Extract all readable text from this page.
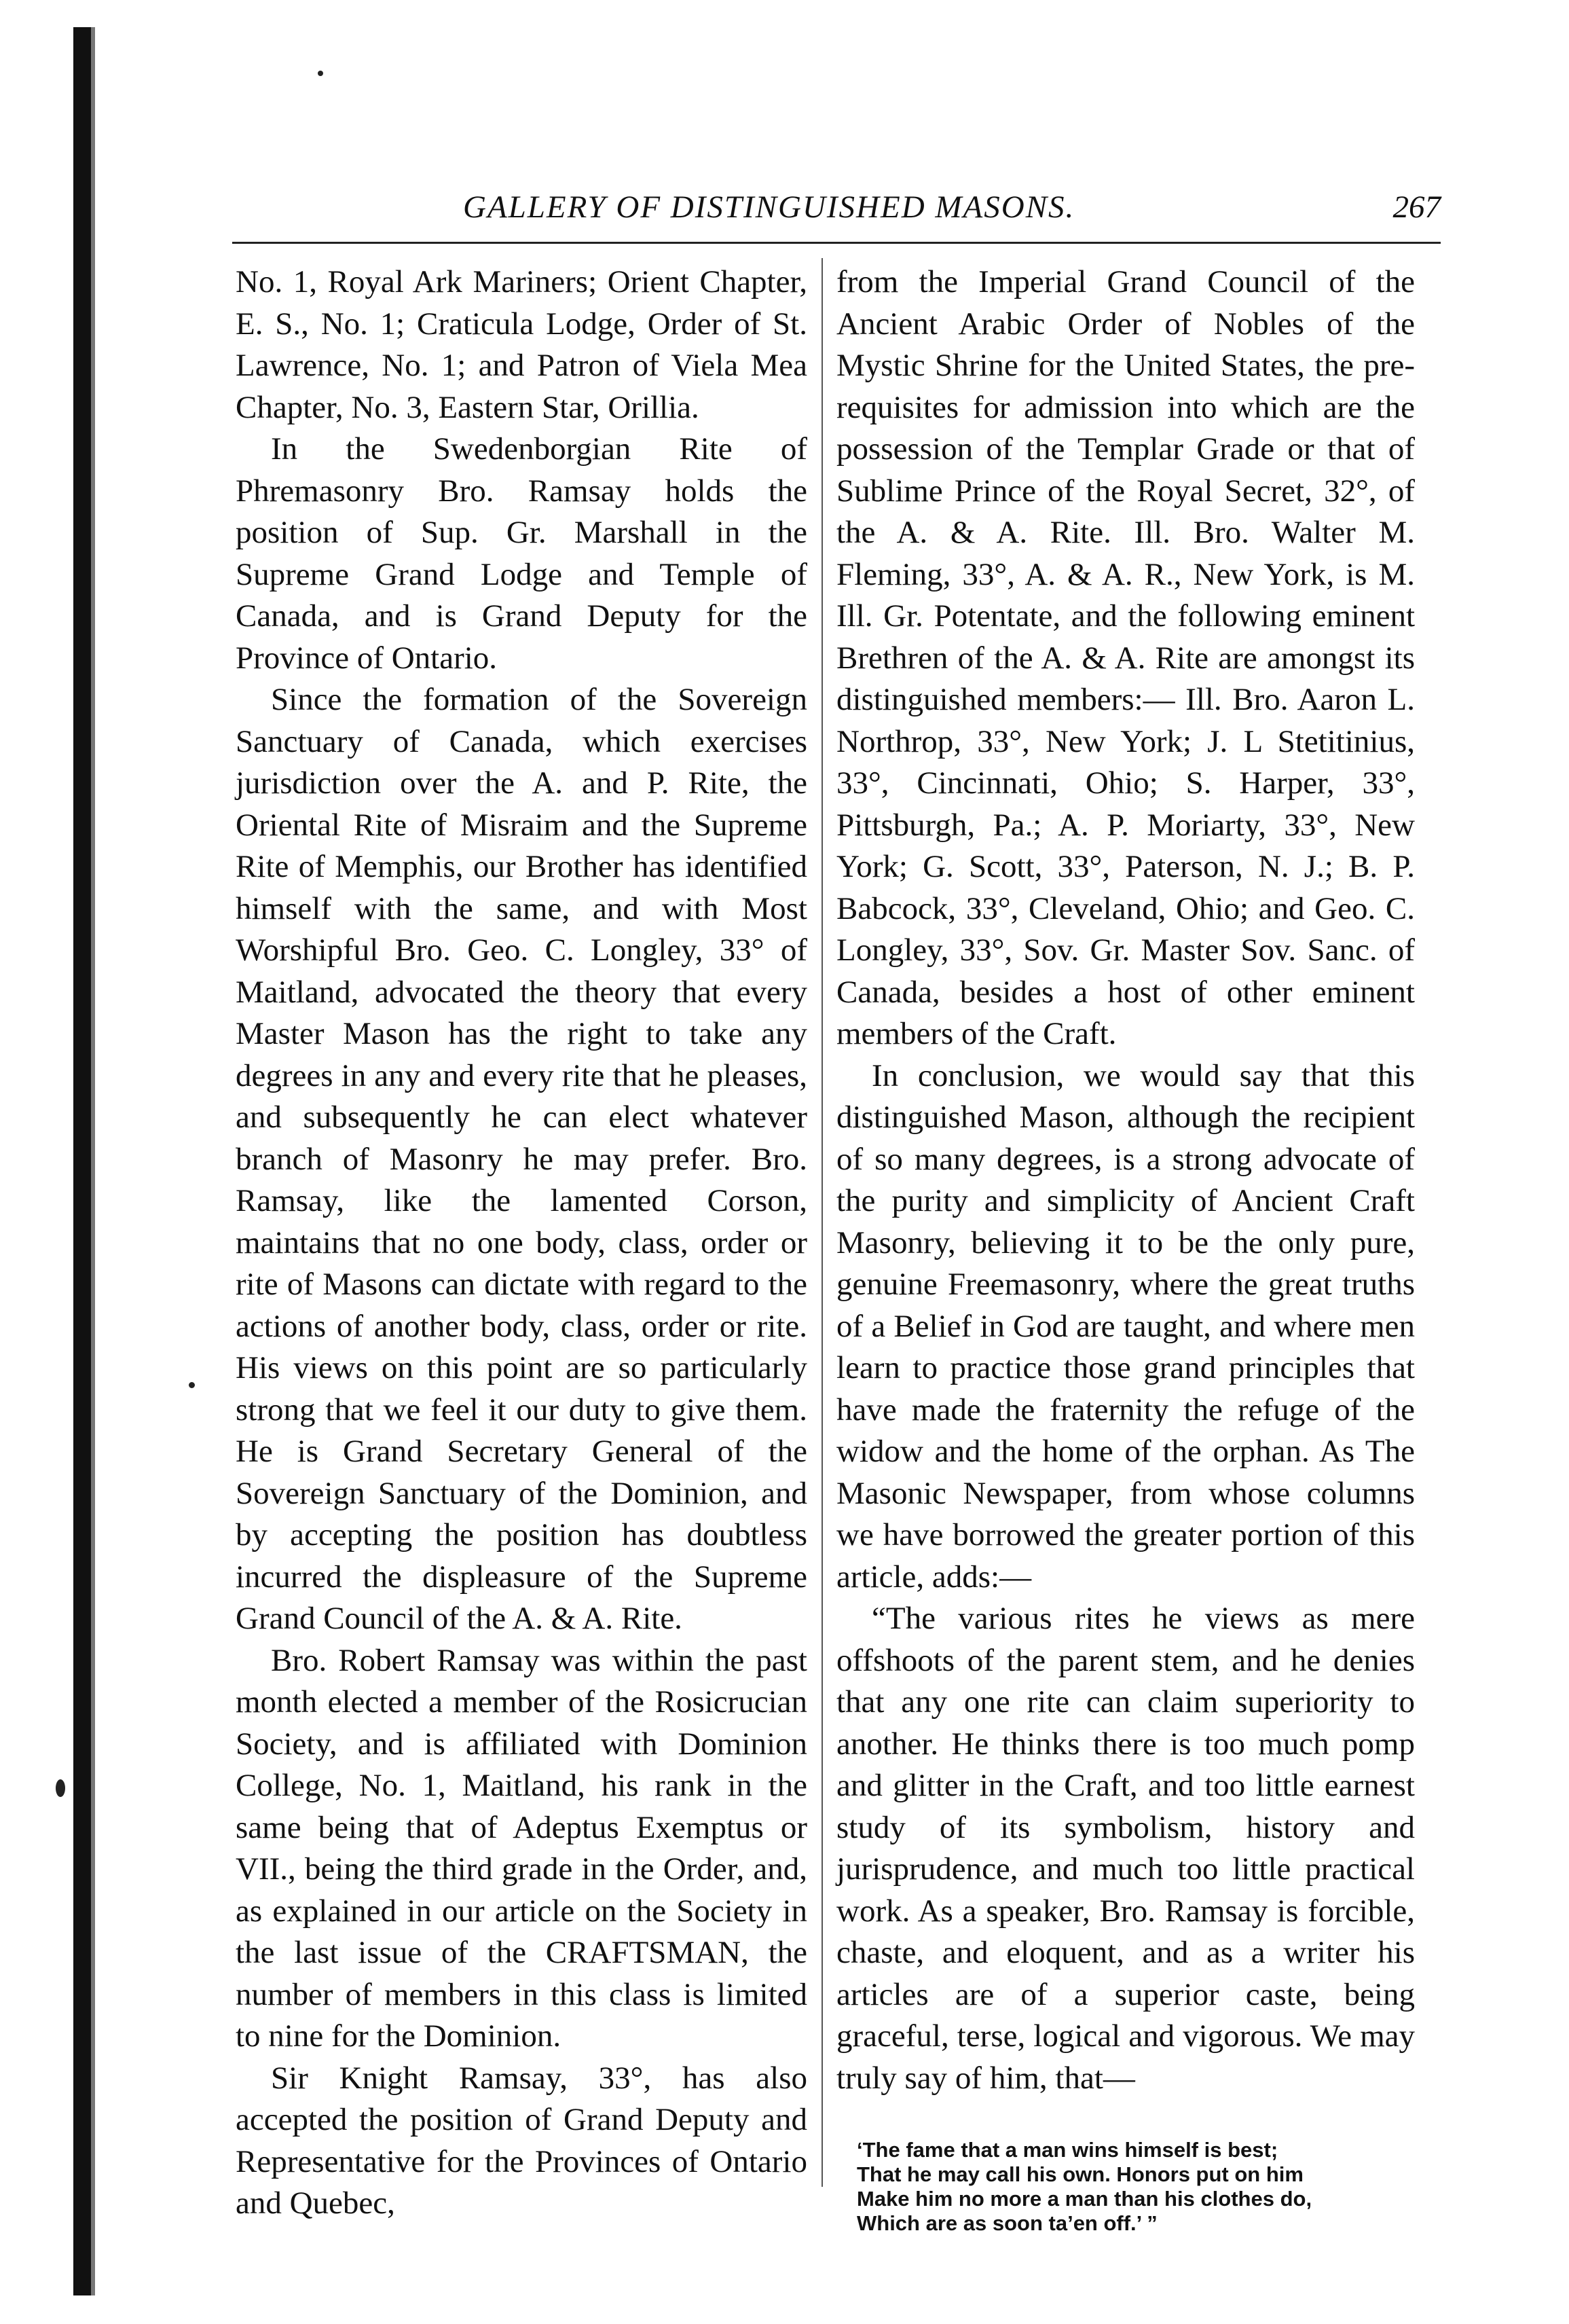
GALLERY OF DISTINGUISHED MASONS.	267

No. 1, Royal Ark Mariners; Orient Chapter, E. S., No. 1; Craticula Lodge, Order of St. Lawrence, No. 1; and Patron of Viela Mea Chapter, No. 3, Eastern Star, Orillia.

In the Swedenborgian Rite of Phremasonry Bro. Ramsay holds the position of Sup. Gr. Marshall in the Supreme Grand Lodge and Temple of Canada, and is Grand Deputy for the Province of Ontario.

Since the formation of the Sovereign Sanctuary of Canada, which exercises jurisdiction over the A. and P. Rite, the Oriental Rite of Misraim and the Supreme Rite of Memphis, our Brother has identified himself with the same, and with Most Worshipful Bro. Geo. C. Longley, 33° of Maitland, advocated the theory that every Master Mason has the right to take any degrees in any and every rite that he pleases, and subsequently he can elect whatever branch of Masonry he may prefer. Bro. Ramsay, like the lamented Corson, maintains that no one body, class, order or rite of Masons can dictate with regard to the actions of another body, class, order or rite. His views on this point are so particularly strong that we feel it our duty to give them. He is Grand Secretary General of the Sovereign Sanctuary of the Dominion, and by accepting the position has doubtless incurred the displeasure of the Supreme Grand Council of the A. & A. Rite.

Bro. Robert Ramsay was within the past month elected a member of the Rosicrucian Society, and is affiliated with Dominion College, No. 1, Maitland, his rank in the same being that of Adeptus Exemptus or VII., being the third grade in the Order, and, as explained in our article on the Society in the last issue of the CRAFTSMAN, the number of members in this class is limited to nine for the Dominion.

Sir Knight Ramsay, 33°, has also accepted the position of Grand Deputy and Representative for the Provinces of Ontario and Quebec,

from the Imperial Grand Council of the Ancient Arabic Order of Nobles of the Mystic Shrine for the United States, the pre-requisites for admission into which are the possession of the Templar Grade or that of Sublime Prince of the Royal Secret, 32°, of the A. & A. Rite. Ill. Bro. Walter M. Fleming, 33°, A. & A. R., New York, is M. Ill. Gr. Potentate, and the following eminent Brethren of the A. & A. Rite are amongst its distinguished members:— Ill. Bro. Aaron L. Northrop, 33°, New York; J. L Stetitinius, 33°, Cincinnati, Ohio; S. Harper, 33°, Pittsburgh, Pa.; A. P. Moriarty, 33°, New York; G. Scott, 33°, Paterson, N. J.; B. P. Babcock, 33°, Cleveland, Ohio; and Geo. C. Longley, 33°, Sov. Gr. Master Sov. Sanc. of Canada, besides a host of other eminent members of the Craft.

In conclusion, we would say that this distinguished Mason, although the recipient of so many degrees, is a strong advocate of the purity and simplicity of Ancient Craft Masonry, believing it to be the only pure, genuine Freemasonry, where the great truths of a Belief in God are taught, and where men learn to practice those grand principles that have made the fraternity the refuge of the widow and the home of the orphan. As The Masonic Newspaper, from whose columns we have borrowed the greater portion of this article, adds:—

“The various rites he views as mere offshoots of the parent stem, and he denies that any one rite can claim superiority to another. He thinks there is too much pomp and glitter in the Craft, and too little earnest study of its symbolism, history and jurisprudence, and much too little practical work. As a speaker, Bro. Ramsay is forcible, chaste, and eloquent, and as a writer his articles are of a superior caste, being graceful, terse, logical and vigorous. We may truly say of him, that—

‘The fame that a man wins himself is best;
That he may call his own. Honors put on him
Make him no more a man than his clothes do,
Which are as soon ta’en off.’ ”
